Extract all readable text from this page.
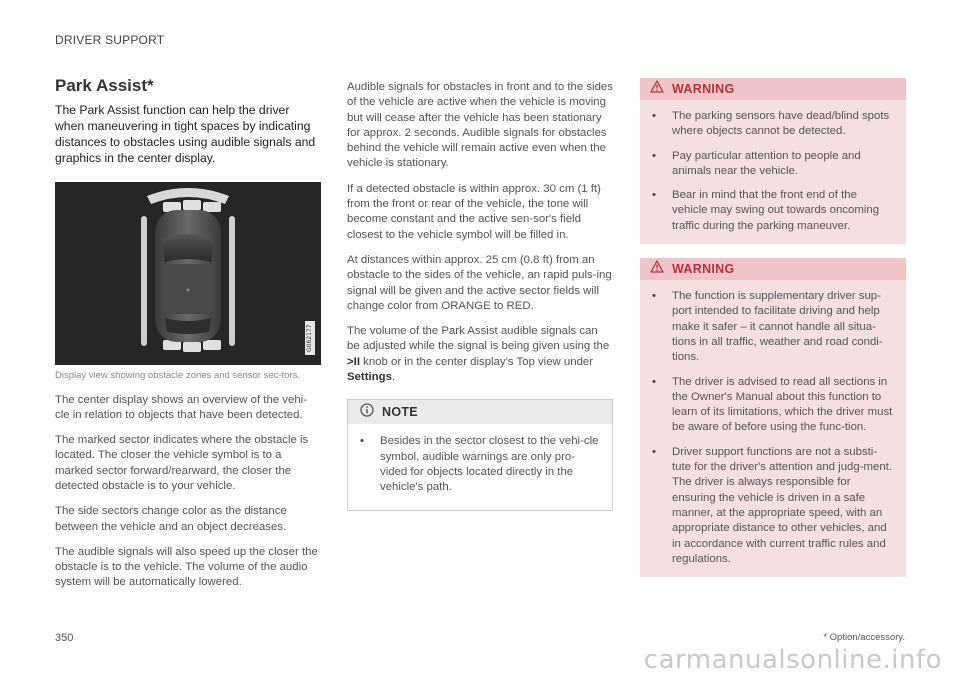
DRIVER SUPPORT
Park Assist*
The Park Assist function can help the driver when maneuvering in tight spaces by indicating distances to obstacles using audible signals and graphics in the center display.
G062177
Display view showing obstacle zones and sensor sec-tors.

The center display shows an overview of the vehi-cle in relation to objects that have been detected.

The marked sector indicates where the obstacle is located. The closer the vehicle symbol is to a marked sector forward/rearward, the closer the detected obstacle is to your vehicle.

The side sectors change color as the distance between the vehicle and an object decreases.

The audible signals will also speed up the closer the obstacle is to the vehicle. The volume of the audio system will be automatically lowered.

Audible signals for obstacles in front and to the sides of the vehicle are active when the vehicle is moving but will cease after the vehicle has been stationary for approx. 2 seconds. Audible signals for obstacles behind the vehicle will remain active even when the vehicle is stationary.

If a detected obstacle is within approx. 30 cm (1 ft) from the front or rear of the vehicle, the tone will become constant and the active sen-sor's field closest to the vehicle symbol will be filled in.

At distances within approx. 25 cm (0.8 ft) from an obstacle to the sides of the vehicle, an rapid puls-ing signal will be given and the active sector fields will change color from ORANGE to RED.

The volume of the Park Assist audible signals can be adjusted while the signal is being given using the >II knob or in the center display's Top view under Settings.

NOTE
•	Besides in the sector closest to the vehi-cle symbol, audible warnings are only pro-vided for objects located directly in the vehicle's path.
WARNING
•	The parking sensors have dead/blind spots where objects cannot be detected.
•	Pay particular attention to people and animals near the vehicle.
•	Bear in mind that the front end of the vehicle may swing out towards oncoming traffic during the parking maneuver.
WARNING
•	The function is supplementary driver sup-port intended to facilitate driving and help make it safer – it cannot handle all situa-tions in all traffic, weather and road condi-tions.
•	The driver is advised to read all sections in the Owner's Manual about this function to learn of its limitations, which the driver must be aware of before using the func-tion.
•	Driver support functions are not a substi-tute for the driver's attention and judg-ment. The driver is always responsible for ensuring the vehicle is driven in a safe manner, at the appropriate speed, with an appropriate distance to other vehicles, and in accordance with current traffic rules and regulations.
350	* Option/accessory.
carmanualsonline.info
